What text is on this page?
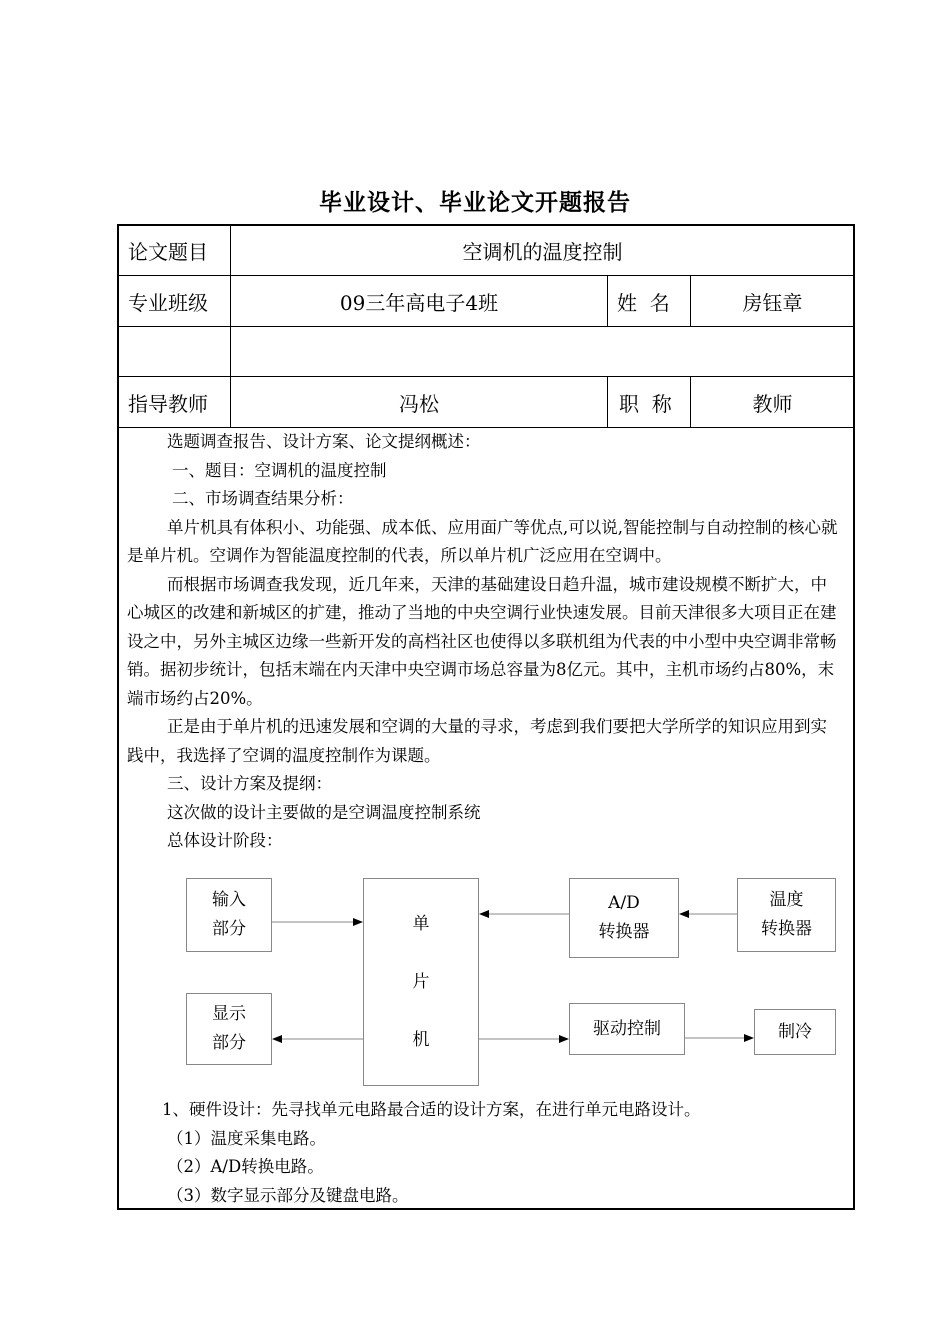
毕业设计、毕业论文开题报告
论文题目	空调机的温度控制
专业班级	09三年高电子4班	姓  名	房钰章
指导教师	冯松	职  称	教师

选题调查报告、设计方案、论文提纲概述：

一、题目：空调机的温度控制

二、市场调查结果分析：

单片机具有体积小、功能强、成本低、应用面广等优点,可以说,智能控制与自动控制的核心就是单片机。空调作为智能温度控制的代表，所以单片机广泛应用在空调中。

而根据市场调查我发现，近几年来，天津的基础建设日趋升温，城市建设规模不断扩大，中心城区的改建和新城区的扩建，推动了当地的中央空调行业快速发展。目前天津很多大项目正在建设之中，另外主城区边缘一些新开发的高档社区也使得以多联机组为代表的中小型中央空调非常畅销。据初步统计，包括末端在内天津中央空调市场总容量为8亿元。其中，主机市场约占80%，末端市场约占20%。

正是由于单片机的迅速发展和空调的大量的寻求，考虑到我们要把大学所学的知识应用到实践中，我选择了空调的温度控制作为课题。

三、设计方案及提纲：

这次做的设计主要做的是空调温度控制系统

总体设计阶段：

输入
部分	单
片
机
A/D
转换器
温度
转换器
显示
部分
驱动控制	制冷

1、硬件设计：先寻找单元电路最合适的设计方案，在进行单元电路设计。

（1）温度采集电路。

（2）A/D转换电路。

（3）数字显示部分及键盘电路。
